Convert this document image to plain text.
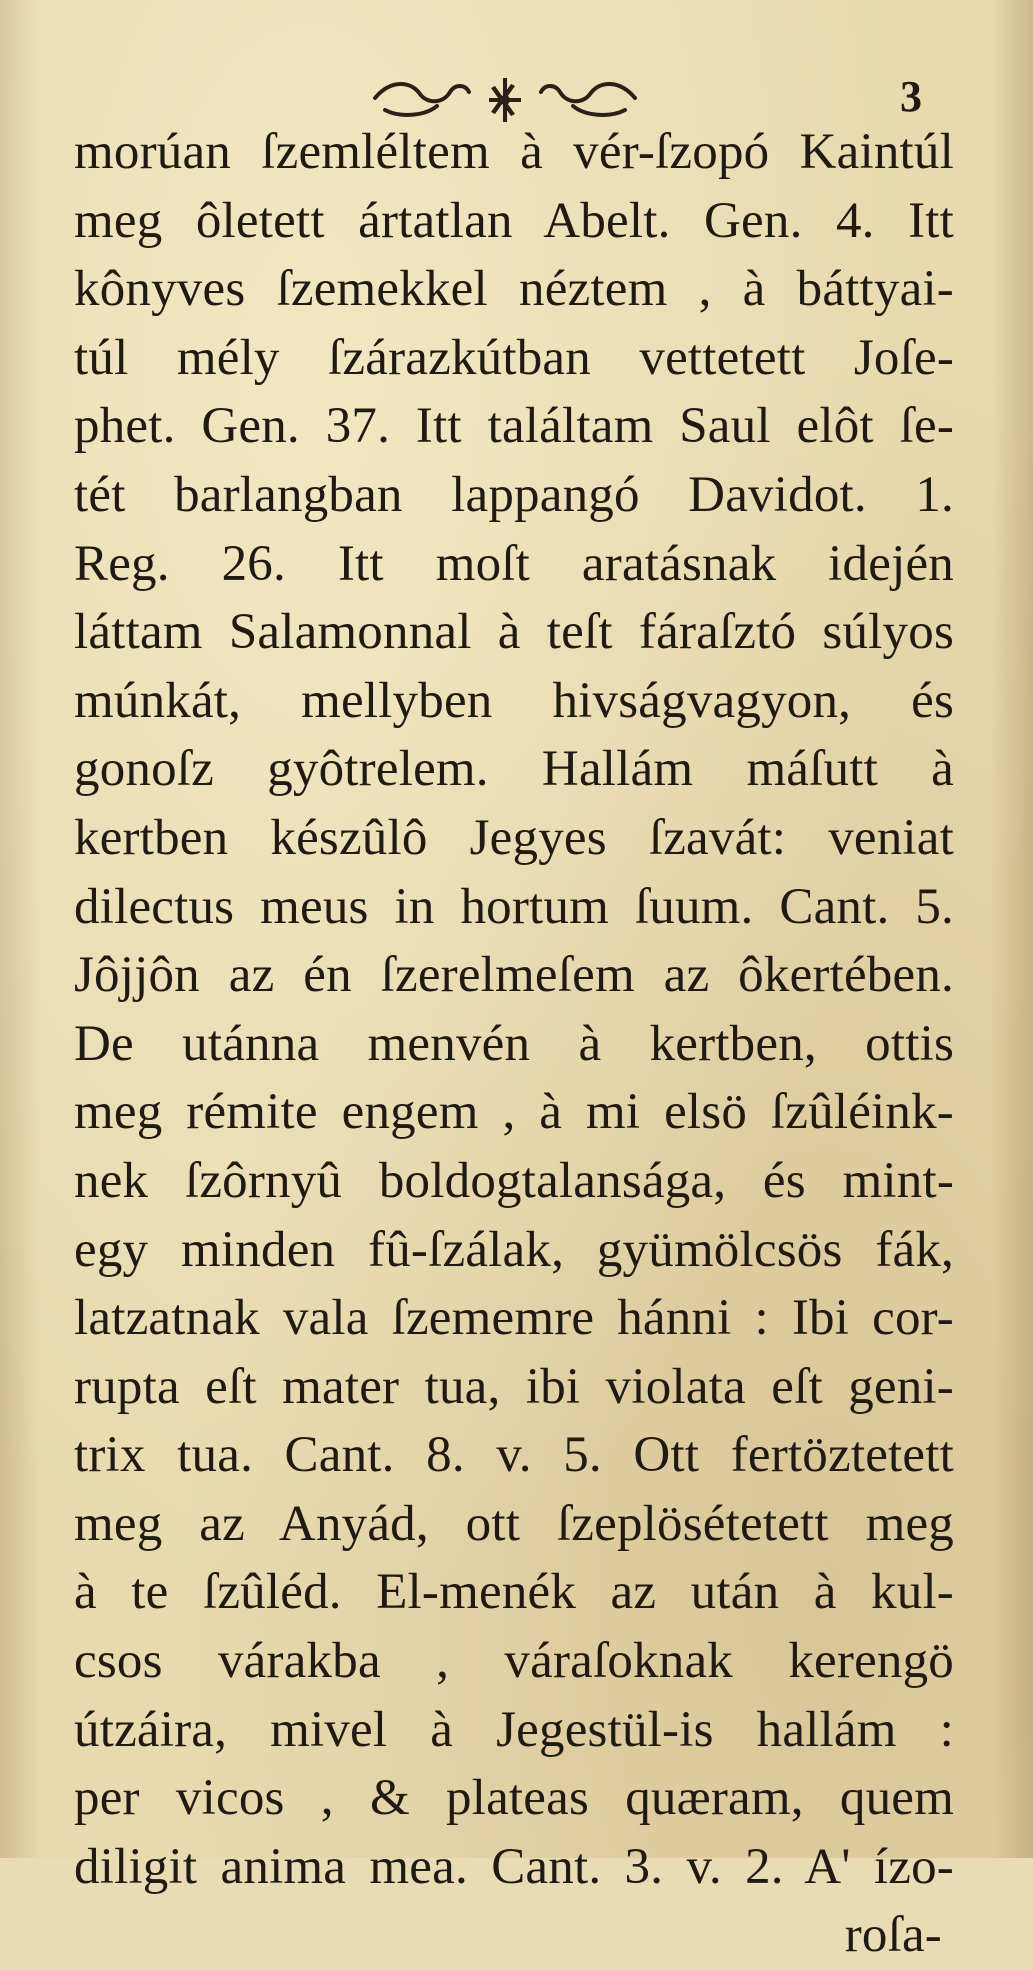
3
morúan ſzemléltem à vér-ſzopó Kaintúl
meg ôletett ártatlan Abelt. Gen. 4. Itt
kônyves ſzemekkel néztem , à báttyai-
túl mély ſzárazkútban vettetett Joſe-
phet. Gen. 37. Itt találtam Saul elôt ſe-
tét barlangban lappangó Davidot. 1.
Reg. 26. Itt moſt aratásnak idején
láttam Salamonnal à teſt fáraſztó súlyos
múnkát, mellyben hivságvagyon, és
gonoſz gyôtrelem. Hallám máſutt à
kertben készûlô Jegyes ſzavát: veniat
dilectus meus in hortum ſuum. Cant. 5.
Jôjjôn az én ſzerelmeſem az ôkertében.
De utánna menvén à kertben, ottis
meg rémite engem , à mi elsö ſzûléink-
nek ſzôrnyû boldogtalansága, és mint-
egy minden fû-ſzálak, gyümölcsös fák,
latzatnak vala ſzememre hánni : Ibi cor-
rupta eſt mater tua, ibi violata eſt geni-
trix tua. Cant. 8. v. 5. Ott fertöztetett
meg az Anyád, ott ſzeplösétetett meg
à te ſzûléd. El-menék az után à kul-
csos várakba , váraſoknak kerengö
útzáira, mivel à Jegestül-is hallám :
per vicos , & plateas quæram, quem
diligit anima mea. Cant. 3. v. 2. A' ízo-
roſa-
